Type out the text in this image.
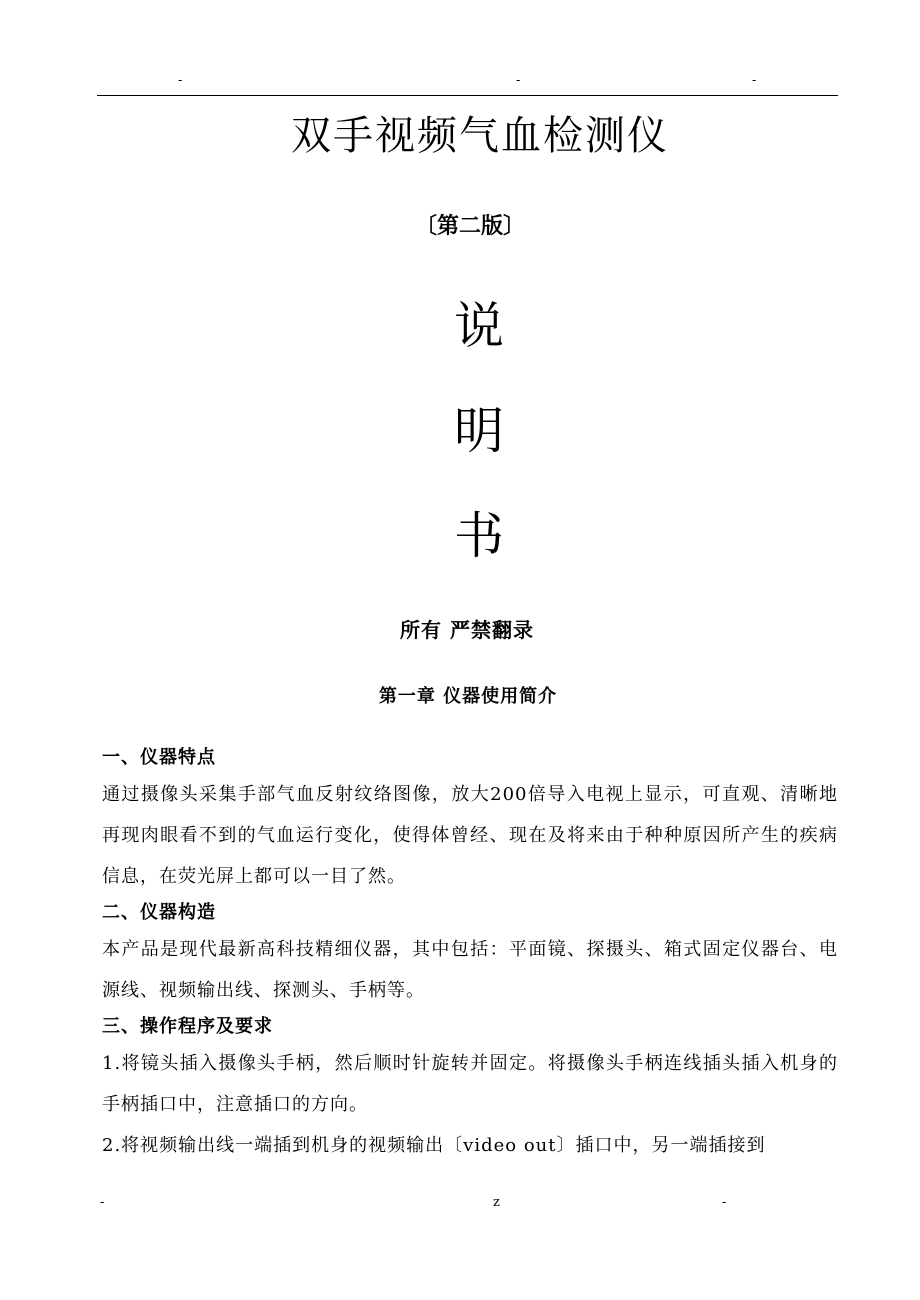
-	-	-
双手视频气血检测仪
〔第二版〕
说
明
书
所有 严禁翻录
第一章 仪器使用简介

一、仪器特点

通过摄像头采集手部气血反射纹络图像，放大200倍导入电视上显示，可直观、清晰地再现肉眼看不到的气血运行变化，使得体曾经、现在及将来由于种种原因所产生的疾病信息，在荧光屏上都可以一目了然。

二、仪器构造

本产品是现代最新高科技精细仪器，其中包括：平面镜、探摄头、箱式固定仪器台、电源线、视频输出线、探测头、手柄等。

三、操作程序及要求

1.将镜头插入摄像头手柄，然后顺时针旋转并固定。将摄像头手柄连线插头插入机身的手柄插口中，注意插口的方向。

2.将视频输出线一端插到机身的视频输出〔video out〕插口中，另一端插接到

-	z	-
